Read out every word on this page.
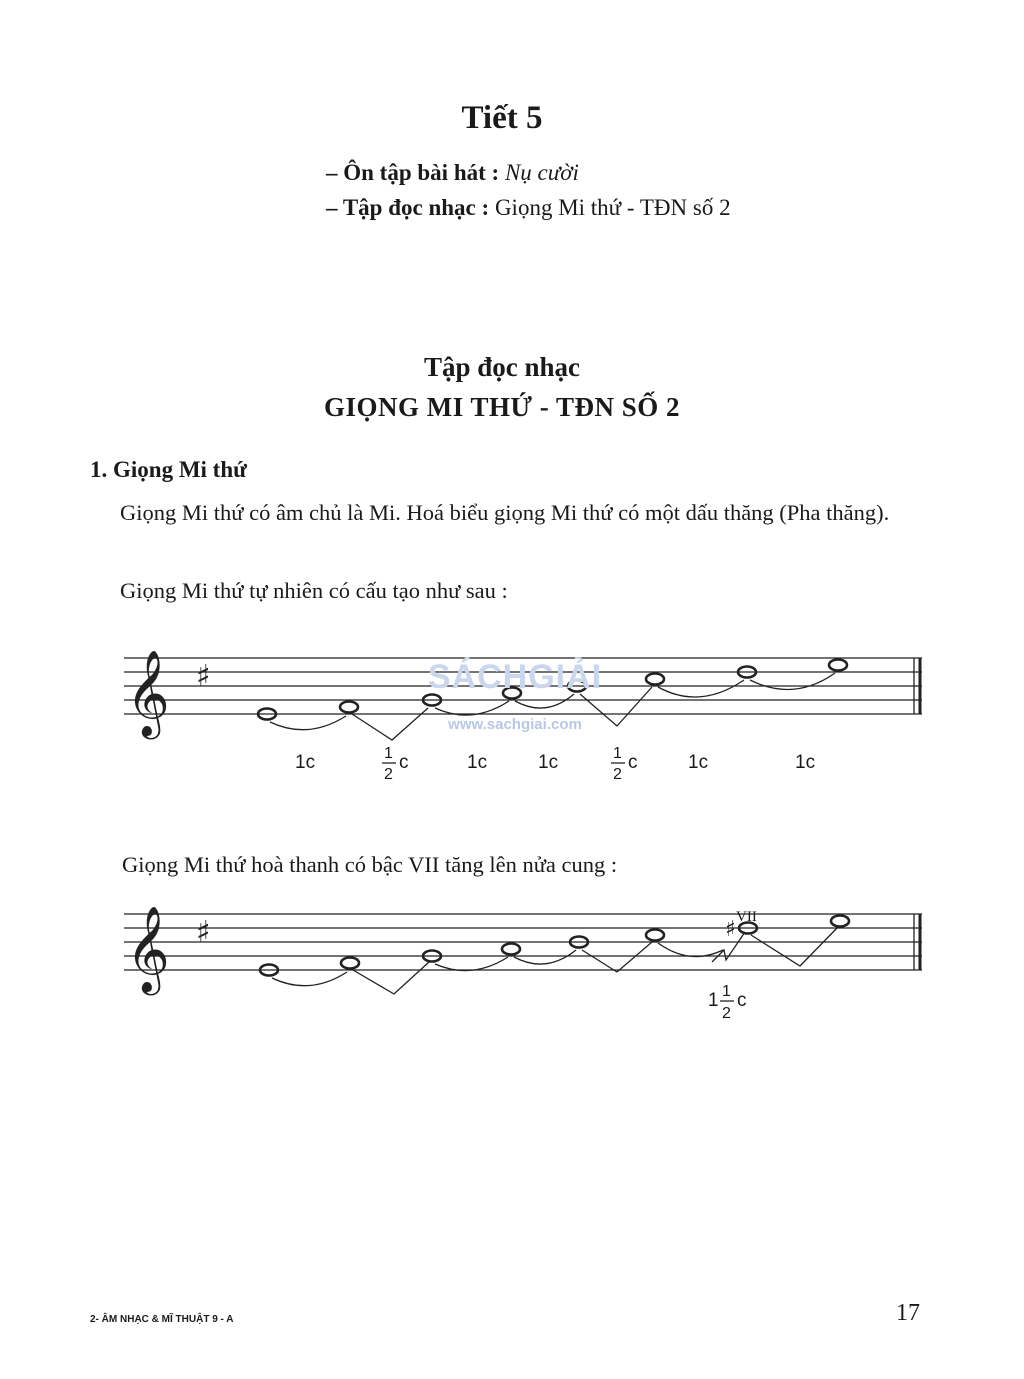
Tiết 5
– Ôn tập bài hát : Nụ cười
– Tập đọc nhạc : Giọng Mi thứ - TĐN số 2
Tập đọc nhạc
GIỌNG MI THỨ - TĐN SỐ 2
1. Giọng Mi thứ
Giọng Mi thứ có âm chủ là Mi. Hoá biểu giọng Mi thứ có một dấu thăng (Pha thăng).
Giọng Mi thứ tự nhiên có cấu tạo như sau :
𝄞 ♯
1c	1
2
c	1c	1c	1
2
c	1c	1c
SÁCHGIẢI
www.sachgiai.com
Giọng Mi thứ hoà thanh có bậc VII tăng lên nửa cung :
𝄞 ♯	♯ VII
1 1
2
c
2- ÂM NHẠC & MĨ THUẬT 9 - A	17
